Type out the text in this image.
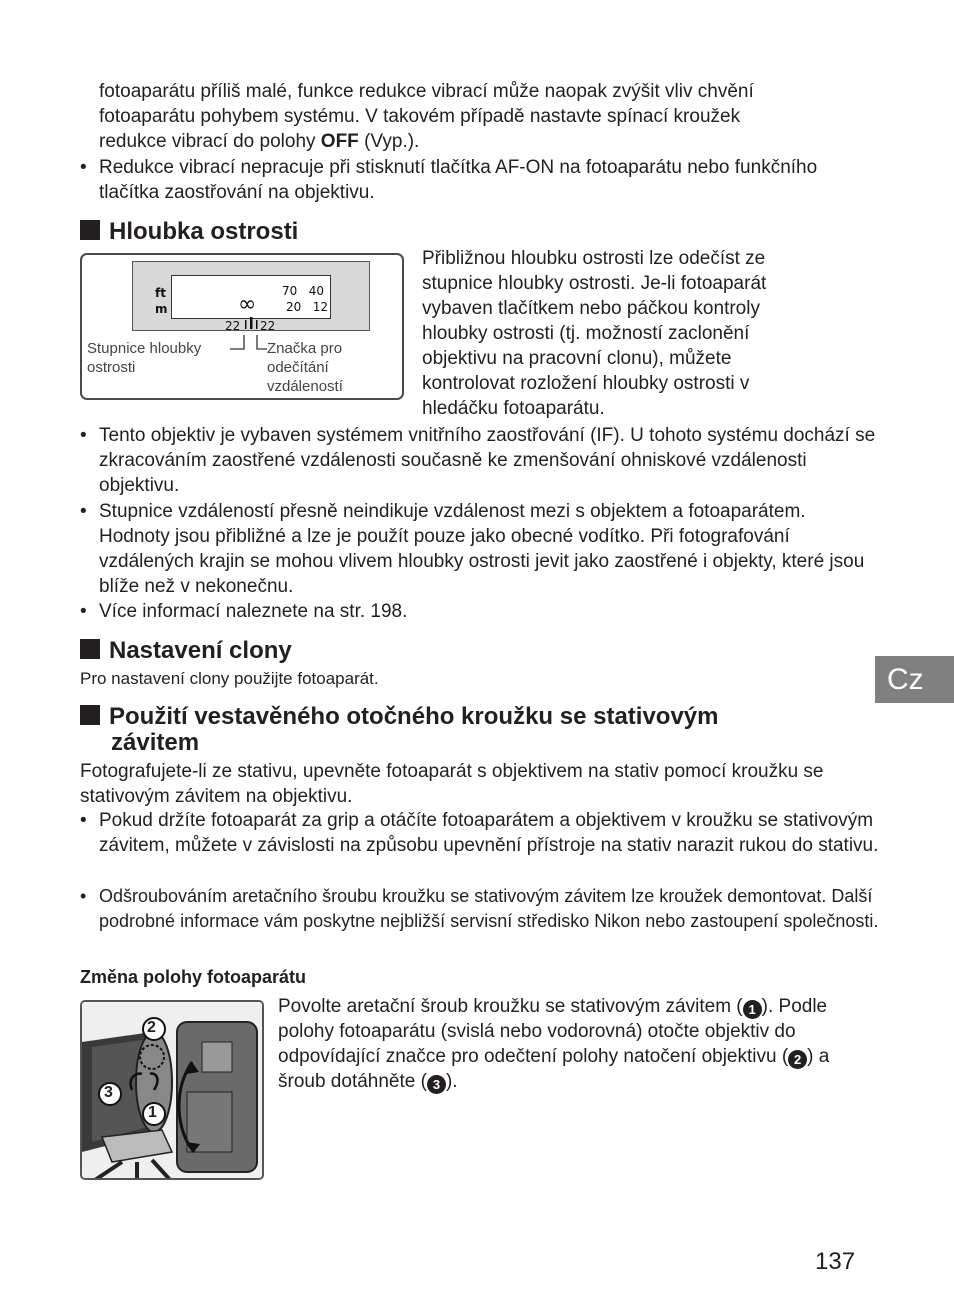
fotoaparátu příliš malé, funkce redukce vibrací může naopak zvýšit vliv chvění

fotoaparátu pohybem systému. V takovém případě nastavte spínací kroužek

redukce vibrací do polohy OFF (Vyp.).

• Redukce vibrací nepracuje při stisknutí tlačítka AF-ON na fotoaparátu nebo funkčního tlačítka zaostřování na objektivu.

Hloubka ostrosti
ft
m
70   40
20   12
∞
22 22

Stupnice hloubky ostrosti

Značka pro odečítání vzdáleností

Přibližnou hloubku ostrosti lze odečíst ze stupnice hloubky ostrosti. Je-li fotoaparát vybaven tlačítkem nebo páčkou kontroly hloubky ostrosti (tj. možností zaclonění objektivu na pracovní clonu), můžete kontrolovat rozložení hloubky ostrosti v hledáčku fotoaparátu.

• Tento objektiv je vybaven systémem vnitřního zaostřování (IF). U tohoto systému dochází se zkracováním zaostřené vzdálenosti současně ke zmenšování ohniskové vzdálenosti objektivu.

• Stupnice vzdáleností přesně neindikuje vzdálenost mezi s objektem a fotoaparátem. Hodnoty jsou přibližné a lze je použít pouze jako obecné vodítko. Při fotografování vzdálených krajin se mohou vlivem hloubky ostrosti jevit jako zaostřené i objekty, které jsou blíže než v nekonečnu.

• Více informací naleznete na str. 198.

Nastavení clony

Pro nastavení clony použijte fotoaparát.

Použití vestavěného otočného kroužku se stativovým
závitem

Fotografujete-li ze stativu, upevněte fotoaparát s objektivem na stativ pomocí kroužku se stativovým závitem na objektivu.

• Pokud držíte fotoaparát za grip a otáčíte fotoaparátem a objektivem v kroužku se stativovým závitem, můžete v závislosti na způsobu upevnění přístroje na stativ narazit rukou do stativu.

• Odšroubováním aretačního šroubu kroužku se stativovým závitem lze kroužek demontovat. Další podrobné informace vám poskytne nejbližší servisní středisko Nikon nebo zastoupení společnosti.

Změna polohy fotoaparátu

2
3
1

Povolte aretační šroub kroužku se stativovým závitem ( 1 ). Podle polohy fotoaparátu (svislá nebo vodorovná) otočte objektiv do odpovídající značce pro odečtení polohy natočení objektivu ( 2 ) a šroub dotáhněte ( 3 ).

Cz
137
